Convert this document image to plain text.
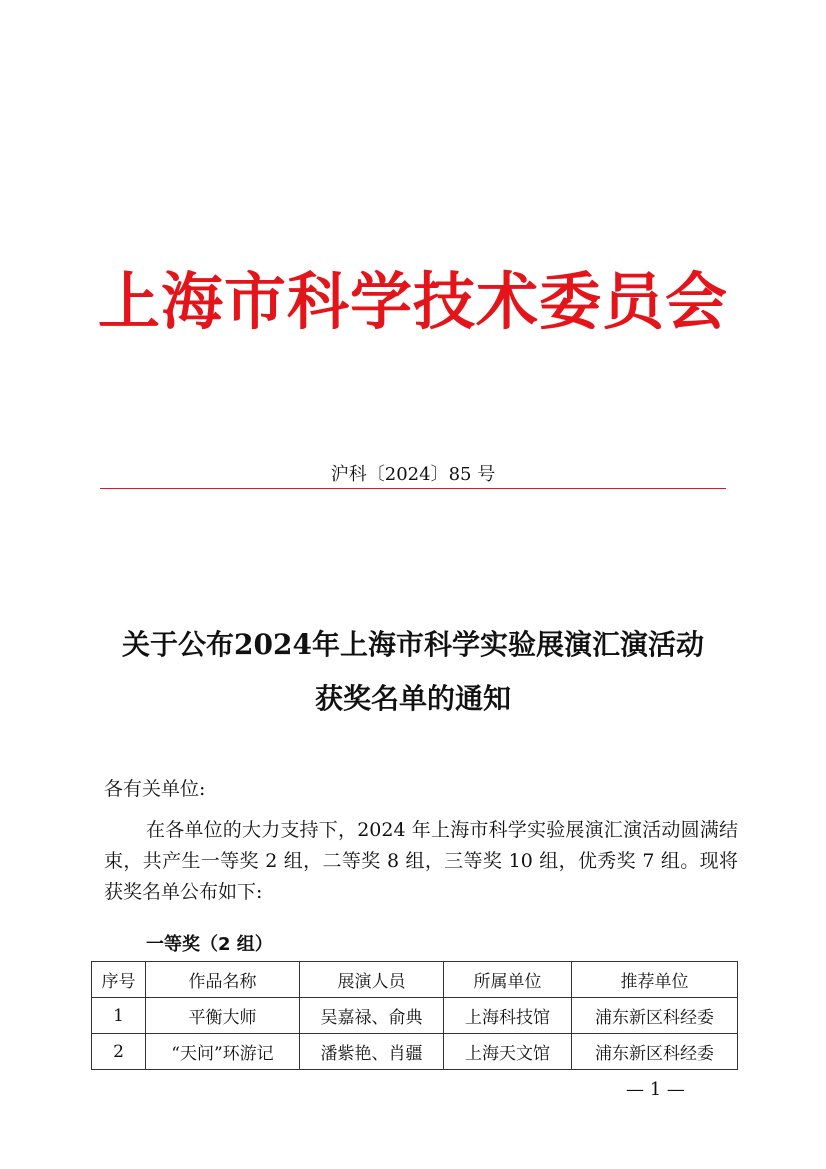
上海市科学技术委员会
沪科〔2024〕85 号
关于公布2024年上海市科学实验展演汇演活动
获奖名单的通知
各有关单位:
在各单位的大力支持下，2024 年上海市科学实验展演汇演活动圆满结束，共产生一等奖 2 组，二等奖 8 组，三等奖 10 组，优秀奖 7 组。现将获奖名单公布如下:
一等奖（2 组）
序号	作品名称	展演人员	所属单位	推荐单位
1	平衡大师	吴嘉禄、俞典	上海科技馆	浦东新区科经委
2	“天问”环游记	潘紫艳、肖疆	上海天文馆	浦东新区科经委
— 1 —
